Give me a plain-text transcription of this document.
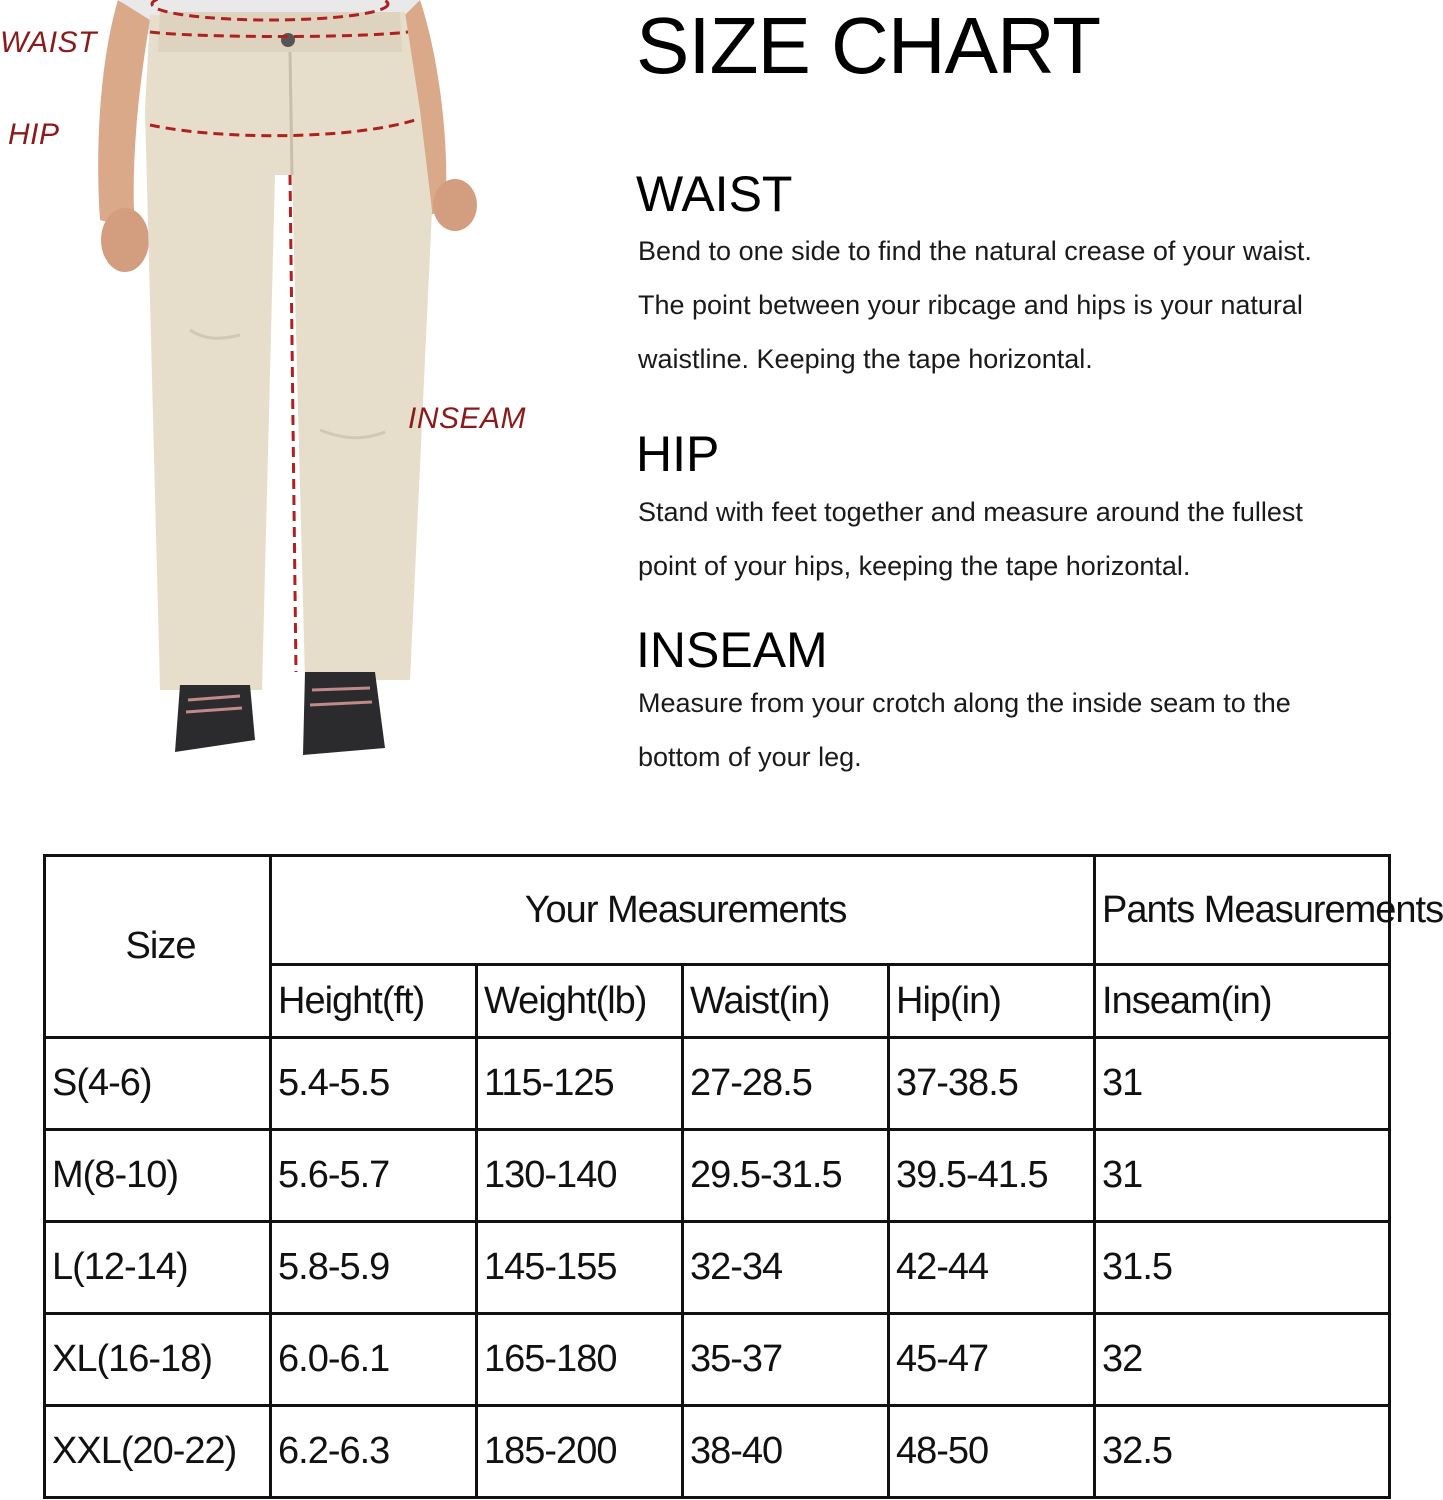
WAIST
HIP
INSEAM
SIZE CHART
WAIST
Bend to one side to find the natural crease of your waist.
The point between your ribcage and hips is your natural
waistline. Keeping the tape horizontal.
HIP
Stand with feet together and measure around the fullest
point of your hips, keeping the tape horizontal.
INSEAM
Measure from your crotch along the inside seam to the
bottom of your leg.
Size	Your Measurements				Pants Measurements
	Height(ft)	Weight(lb)	Waist(in)	Hip(in)	Inseam(in)
S(4-6)	5.4-5.5	115-125	27-28.5	37-38.5	31
M(8-10)	5.6-5.7	130-140	29.5-31.5	39.5-41.5	31
L(12-14)	5.8-5.9	145-155	32-34	42-44	31.5
XL(16-18)	6.0-6.1	165-180	35-37	45-47	32
XXL(20-22)	6.2-6.3	185-200	38-40	48-50	32.5
